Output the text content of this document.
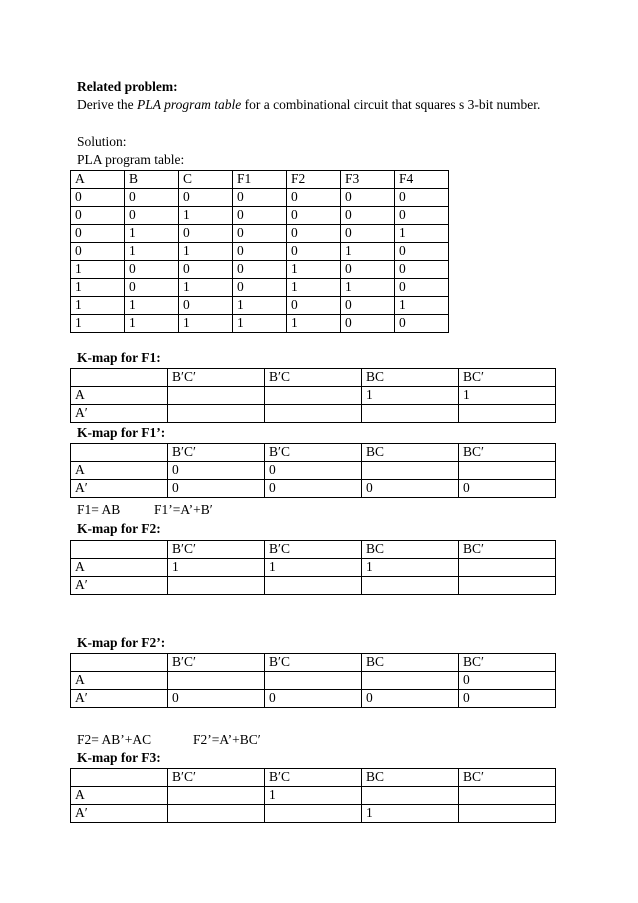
Related problem:
Derive the PLA program table for a combinational circuit that squares s 3-bit number.
Solution:
PLA program table:
A	B	C	F1	F2	F3	F4
0	0	0	0	0	0	0
0	0	1	0	0	0	0
0	1	0	0	0	0	1
0	1	1	0	0	1	0
1	0	0	0	1	0	0
1	0	1	0	1	1	0
1	1	0	1	0	0	1
1	1	1	1	1	0	0
K-map for F1:
	B′C′	B′C	BC	BC′
A			1	1
A′				
K-map for F1’:
	B′C′	B′C	BC	BC′
A	0	0		
A′	0	0	0	0
F1= AB F1’=A’+B′
K-map for F2:
	B′C′	B′C	BC	BC′
A	1	1	1	
A′				
K-map for F2’:
	B′C′	B′C	BC	BC′
A				0
A′	0	0	0	0
F2= AB’+AC	F2’=A’+BC′
K-map for F3:
	B′C′	B′C	BC	BC′
A		1		
A′			1	
